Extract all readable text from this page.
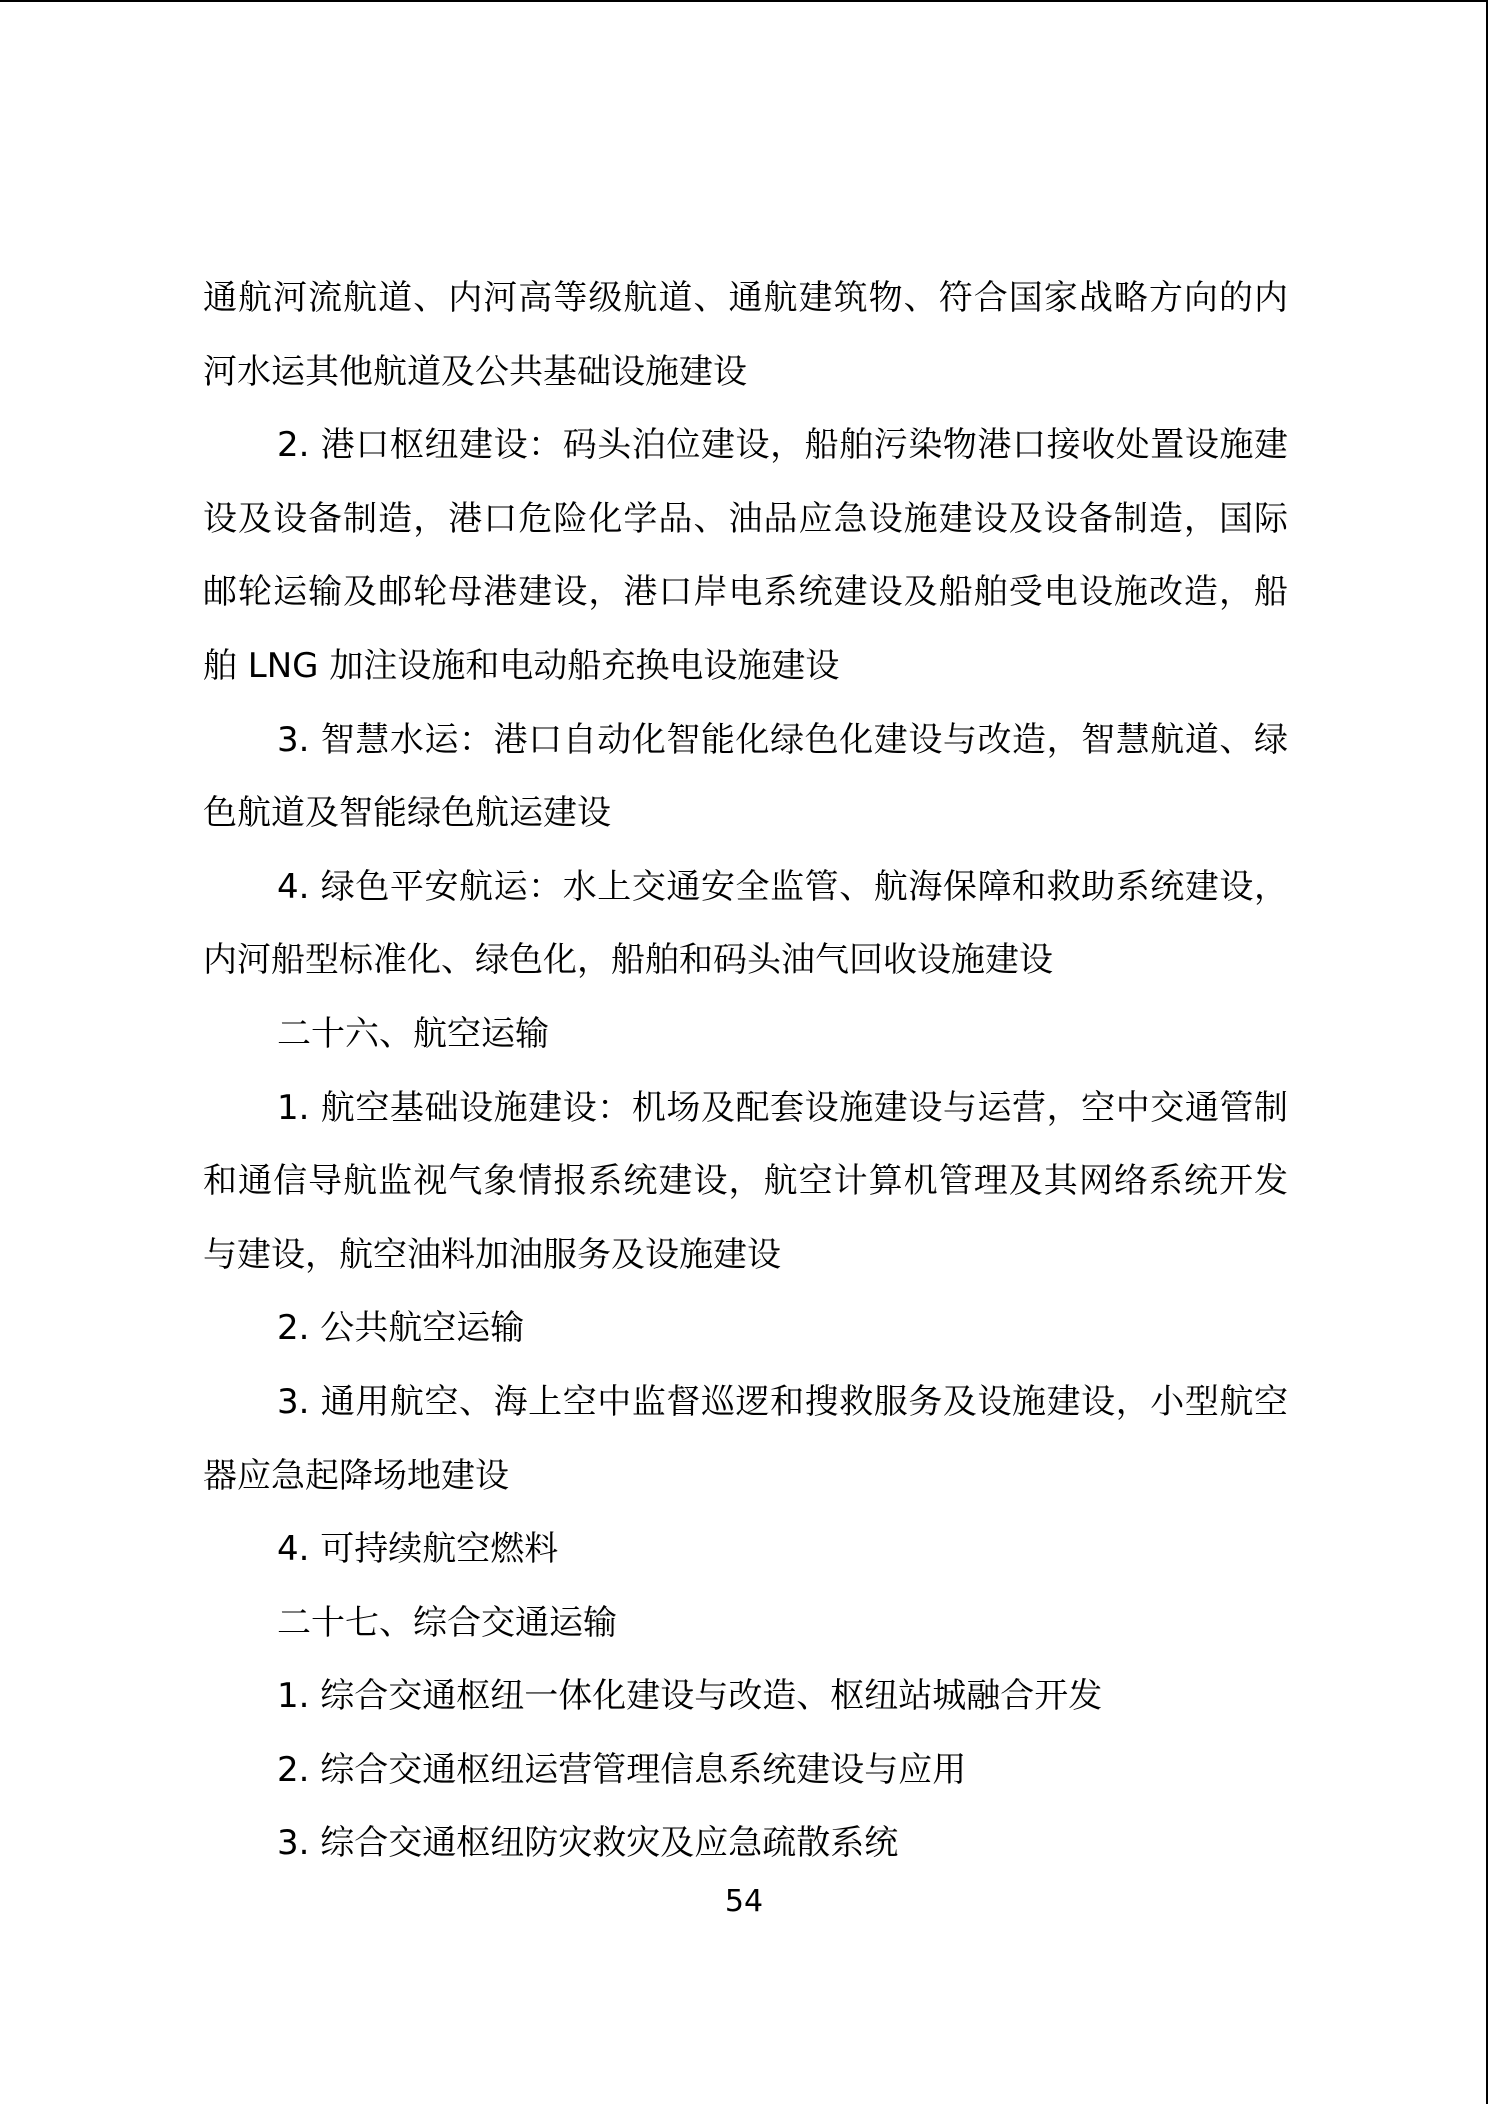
通航河流航道、内河高等级航道、通航建筑物、符合国家战略方向的内河水运其他航道及公共基础设施建设

2. 港口枢纽建设：码头泊位建设，船舶污染物港口接收处置设施建设及设备制造，港口危险化学品、油品应急设施建设及设备制造，国际邮轮运输及邮轮母港建设，港口岸电系统建设及船舶受电设施改造，船舶 LNG 加注设施和电动船充换电设施建设

3. 智慧水运：港口自动化智能化绿色化建设与改造，智慧航道、绿色航道及智能绿色航运建设

4. 绿色平安航运：水上交通安全监管、航海保障和救助系统建设，内河船型标准化、绿色化，船舶和码头油气回收设施建设

二十六、航空运输

1. 航空基础设施建设：机场及配套设施建设与运营，空中交通管制和通信导航监视气象情报系统建设，航空计算机管理及其网络系统开发与建设，航空油料加油服务及设施建设

2. 公共航空运输

3. 通用航空、海上空中监督巡逻和搜救服务及设施建设，小型航空器应急起降场地建设

4. 可持续航空燃料

二十七、综合交通运输

1. 综合交通枢纽一体化建设与改造、枢纽站城融合开发

2. 综合交通枢纽运营管理信息系统建设与应用

3. 综合交通枢纽防灾救灾及应急疏散系统

54
